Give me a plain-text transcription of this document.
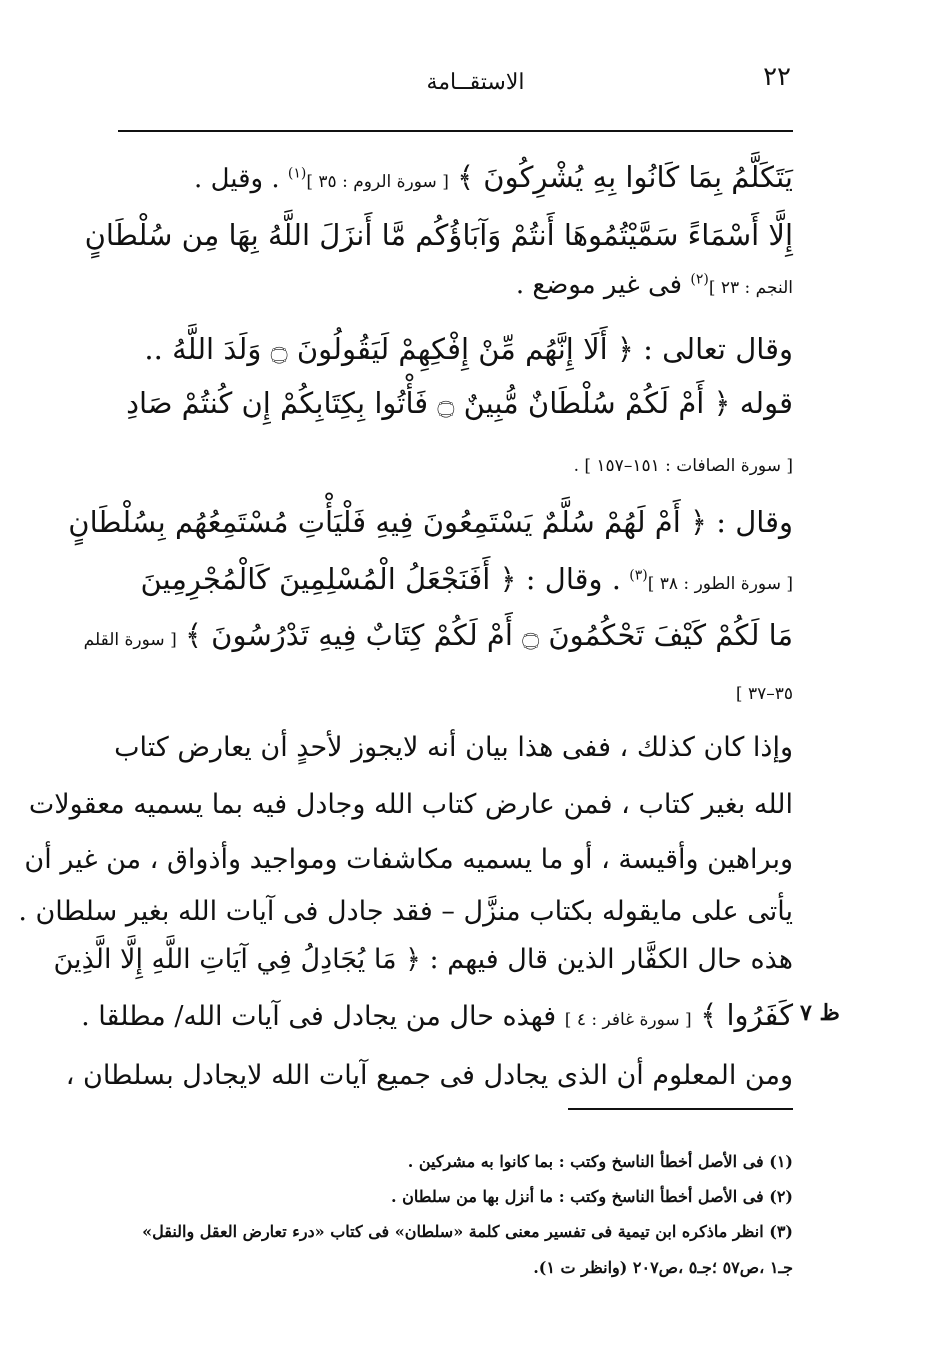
٢٢
الاستقــامة
يَتَكَلَّمُ بِمَا كَانُوا بِهِ يُشْرِكُونَ ﴾ [ سورة الروم : ٣٥ ]$^{(١)}$ . وقيل .
إِلَّا أَسْمَاءً سَمَّيْتُمُوهَا أَنتُمْ وَآبَاؤُكُم مَّا أَنزَلَ اللَّهُ بِهَا مِن سُلْطَانٍ
النجم : ٢٣ ]$^{(٢)}$ فى غير موضع .
وقال تعالى : ﴿ أَلَا إِنَّهُم مِّنْ إِفْكِهِمْ لَيَقُولُونَ ۝ وَلَدَ اللَّهُ ..
قوله ﴿ أَمْ لَكُمْ سُلْطَانٌ مُّبِينٌ ۝ فَأْتُوا بِكِتَابِكُمْ إِن كُنتُمْ صَادِ
[ سورة الصافات : ١٥١–١٥٧ ] .
وقال : ﴿ أَمْ لَهُمْ سُلَّمٌ يَسْتَمِعُونَ فِيهِ فَلْيَأْتِ مُسْتَمِعُهُم بِسُلْطَانٍ
[ سورة الطور : ٣٨ ]$^{(٣)}$ . وقال : ﴿ أَفَنَجْعَلُ الْمُسْلِمِينَ كَالْمُجْرِمِينَ
مَا لَكُمْ كَيْفَ تَحْكُمُونَ ۝ أَمْ لَكُمْ كِتَابٌ فِيهِ تَدْرُسُونَ ﴾ [ سورة القلم
٣٥–٣٧ ]
وإذا كان كذلك ، ففى هذا بيان أنه لايجوز لأحدٍ أن يعارض كتاب
الله بغير كتاب ، فمن عارض كتاب الله وجادل فيه بما يسميه معقولات
وبراهين وأقيسة ، أو ما يسميه مكاشفات ومواجيد وأذواق ، من غير أن
يأتى على مايقوله بكتاب منزَّل – فقد جادل فى آيات الله بغير سلطان .
هذه حال الكفَّار الذين قال فيهم : ﴿ مَا يُجَادِلُ فِي آيَاتِ اللَّهِ إِلَّا الَّذِينَ
كَفَرُوا ﴾ [ سورة غافر : ٤ ] فهذه حال من يجادل فى آيات الله/ مطلقا .	ظ ٧
ومن المعلوم أن الذى يجادل فى جميع آيات الله لايجادل بسلطان ،
(١) فى الأصل أخطأ الناسخ وكتب : بما كانوا به مشركين .
(٢) فى الأصل أخطأ الناسخ وكتب : ما أنزل بها من سلطان .
(٣) انظر ماذكره ابن تيمية فى تفسير معنى كلمة «سلطان» فى كتاب «درء تعارض العقل والنقل»
جـ١ ،ص٥٧ ؛جـ٥ ،ص٢٠٧ (وانظر ت ١).
